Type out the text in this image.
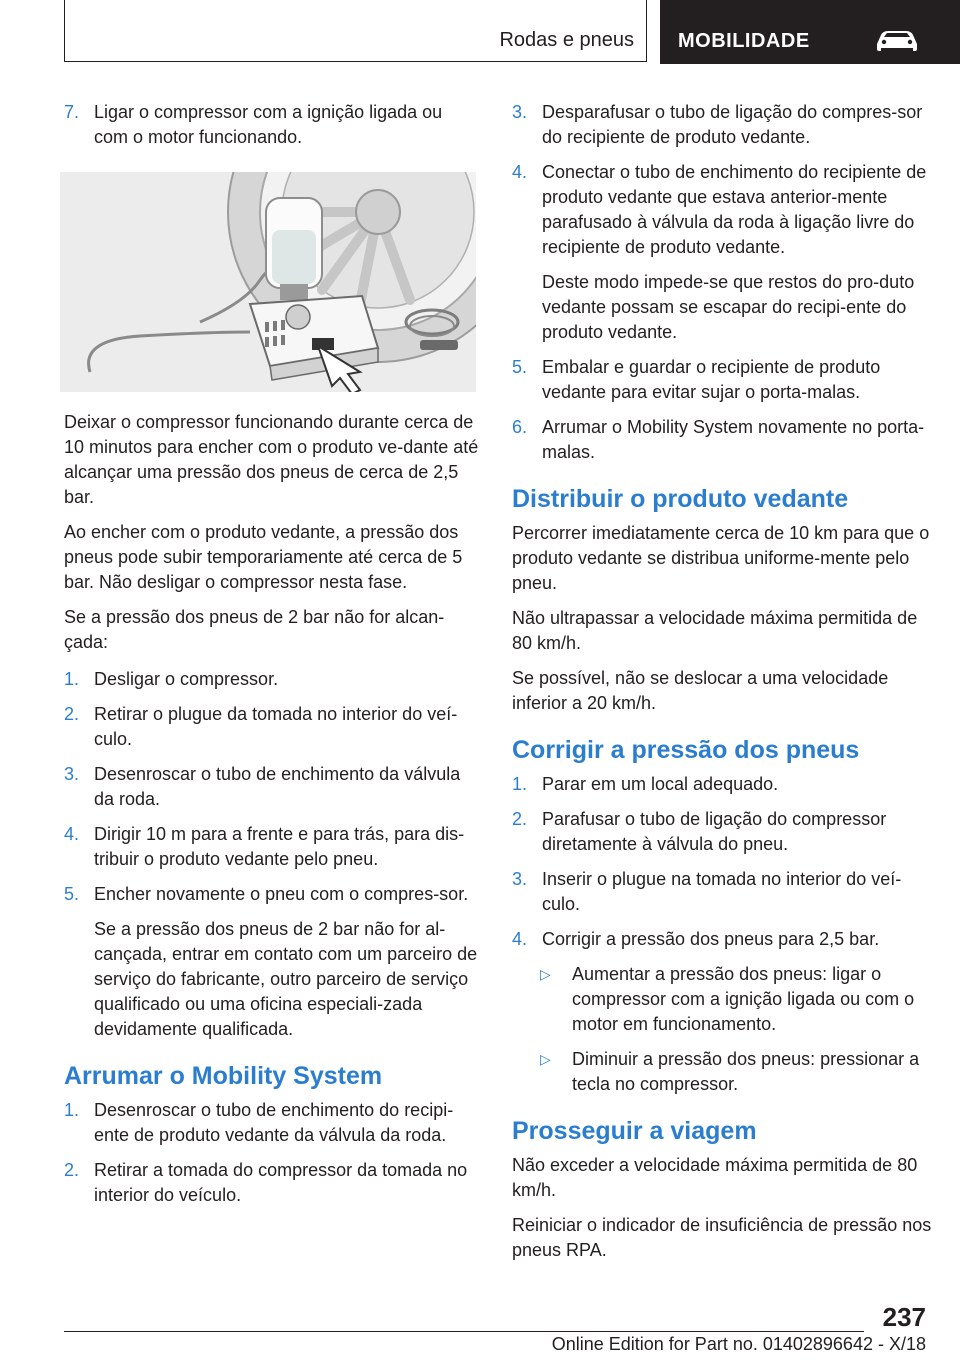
Rodas e pneus MOBILIDADE
7. Ligar o compressor com a ignição ligada ou com o motor funcionando.

Deixar o compressor funcionando durante cerca de 10 minutos para encher com o produto ve-dante até alcançar uma pressão dos pneus de cerca de 2,5 bar.

Ao encher com o produto vedante, a pressão dos pneus pode subir temporariamente até cerca de 5 bar. Não desligar o compressor nesta fase.

Se a pressão dos pneus de 2 bar não for alcan-çada:

1. Desligar o compressor.
2. Retirar o plugue da tomada no interior do veí-culo.
3. Desenroscar o tubo de enchimento da válvula da roda.
4. Dirigir 10 m para a frente e para trás, para dis-tribuir o produto vedante pelo pneu.
5. Encher novamente o pneu com o compres-sor.
Se a pressão dos pneus de 2 bar não for al-cançada, entrar em contato com um parceiro de serviço do fabricante, outro parceiro de serviço qualificado ou uma oficina especiali-zada devidamente qualificada.
Arrumar o Mobility System
1. Desenroscar o tubo de enchimento do recipi-ente de produto vedante da válvula da roda.
2. Retirar a tomada do compressor da tomada no interior do veículo.
3. Desparafusar o tubo de ligação do compres-sor do recipiente de produto vedante.
4. Conectar o tubo de enchimento do recipiente de produto vedante que estava anterior-mente parafusado à válvula da roda à ligação livre do recipiente de produto vedante.
Deste modo impede-se que restos do pro-duto vedante possam se escapar do recipi-ente do produto vedante.
5. Embalar e guardar o recipiente de produto vedante para evitar sujar o porta-malas.
6. Arrumar o Mobility System novamente no porta-malas.
Distribuir o produto vedante

Percorrer imediatamente cerca de 10 km para que o produto vedante se distribua uniforme-mente pelo pneu.

Não ultrapassar a velocidade máxima permitida de 80 km/h.

Se possível, não se deslocar a uma velocidade inferior a 20 km/h.

Corrigir a pressão dos pneus
1. Parar em um local adequado.
2. Parafusar o tubo de ligação do compressor diretamente à válvula do pneu.
3. Inserir o plugue na tomada no interior do veí-culo.
4. Corrigir a pressão dos pneus para 2,5 bar.
▷ Aumentar a pressão dos pneus: ligar o compressor com a ignição ligada ou com o motor em funcionamento.
▷ Diminuir a pressão dos pneus: pressionar a tecla no compressor.
Prosseguir a viagem

Não exceder a velocidade máxima permitida de 80 km/h.

Reiniciar o indicador de insuficiência de pressão nos pneus RPA.

237
Online Edition for Part no. 01402896642 - X/18
